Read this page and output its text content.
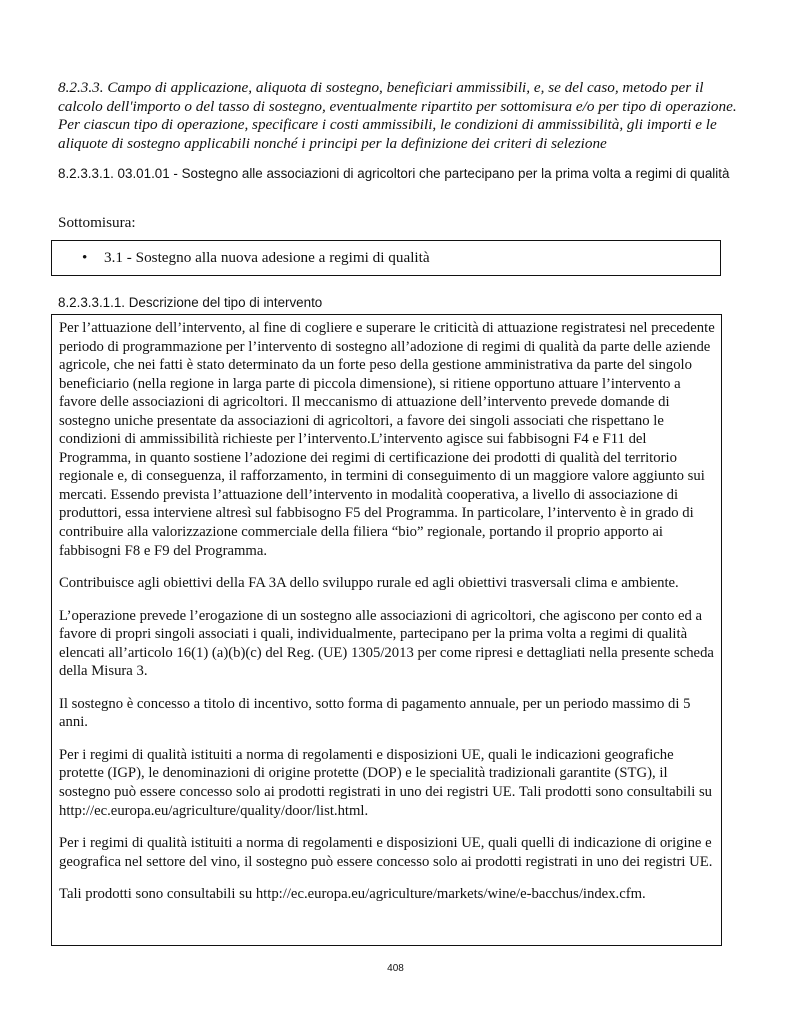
8.2.3.3. Campo di applicazione, aliquota di sostegno, beneficiari ammissibili, e, se del caso, metodo per il calcolo dell'importo o del tasso di sostegno, eventualmente ripartito per sottomisura e/o per tipo di operazione. Per ciascun tipo di operazione, specificare i costi ammissibili, le condizioni di ammissibilità, gli importi e le aliquote di sostegno applicabili nonché i principi per la definizione dei criteri di selezione

8.2.3.3.1. 03.01.01 - Sostegno alle associazioni di agricoltori che partecipano per la prima volta a regimi di qualità

Sottomisura:

• 3.1 - Sostegno alla nuova adesione a regimi di qualità

8.2.3.3.1.1. Descrizione del tipo di intervento

Per l’attuazione dell’intervento, al fine di cogliere e superare le criticità di attuazione registratesi nel precedente periodo di programmazione per l’intervento di sostegno all’adozione di regimi di qualità da parte delle aziende agricole, che nei fatti è stato determinato da un forte peso della gestione amministrativa da parte del singolo beneficiario (nella regione in larga parte di piccola dimensione), si ritiene opportuno attuare l’intervento a favore delle associazioni di agricoltori. Il meccanismo di attuazione dell’intervento prevede domande di sostegno uniche presentate da associazioni di agricoltori, a favore dei singoli associati che rispettano le condizioni di ammissibilità richieste per l’intervento.L’intervento agisce sui fabbisogni F4 e F11 del Programma, in quanto sostiene l’adozione dei regimi di certificazione dei prodotti di qualità del territorio regionale e, di conseguenza, il rafforzamento, in termini di conseguimento di un maggiore valore aggiunto sui mercati. Essendo prevista l’attuazione dell’intervento in modalità cooperativa, a livello di associazione di produttori, essa interviene altresì sul fabbisogno F5 del Programma. In particolare, l’intervento è in grado di contribuire alla valorizzazione commerciale della filiera “bio” regionale, portando il proprio apporto ai fabbisogni F8 e F9 del Programma.

Contribuisce agli obiettivi della FA 3A dello sviluppo rurale ed agli obiettivi trasversali clima e ambiente.

L’operazione prevede l’erogazione di un sostegno alle associazioni di agricoltori, che agiscono per conto ed a favore di propri singoli associati i quali, individualmente, partecipano per la prima volta a regimi di qualità elencati all’articolo 16(1) (a)(b)(c) del Reg. (UE) 1305/2013 per come ripresi e dettagliati nella presente scheda della Misura 3.

Il sostegno è concesso a titolo di incentivo, sotto forma di pagamento annuale, per un periodo massimo di 5 anni.

Per i regimi di qualità istituiti a norma di regolamenti e disposizioni UE, quali le indicazioni geografiche protette (IGP), le denominazioni di origine protette (DOP) e le specialità tradizionali garantite (STG), il sostegno può essere concesso solo ai prodotti registrati in uno dei registri UE. Tali prodotti sono consultabili su http://ec.europa.eu/agriculture/quality/door/list.html.

Per i regimi di qualità istituiti a norma di regolamenti e disposizioni UE, quali quelli di indicazione di origine e geografica nel settore del vino, il sostegno può essere concesso solo ai prodotti registrati in uno dei registri UE.

Tali prodotti sono consultabili su http://ec.europa.eu/agriculture/markets/wine/e-bacchus/index.cfm.

408
